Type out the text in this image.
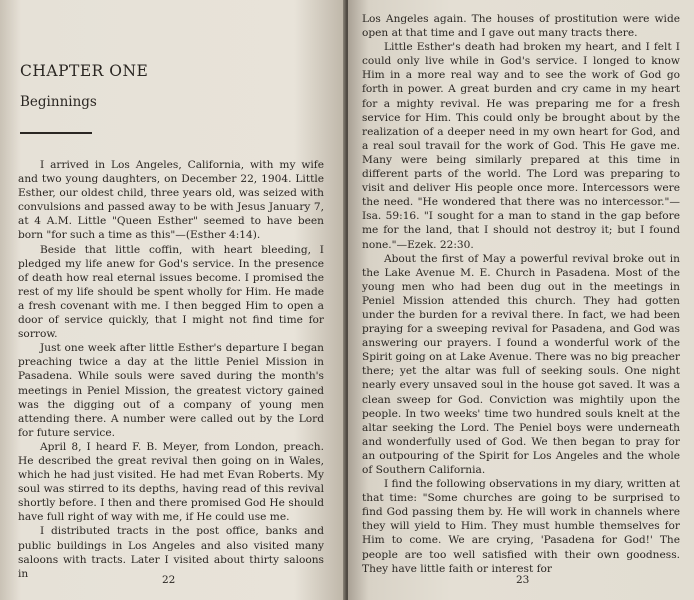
CHAPTER ONE
Beginnings

I arrived in Los Angeles, California, with my wife and two young daughters, on December 22, 1904. Little Esther, our oldest child, three years old, was seized with convulsions and passed away to be with Jesus January 7, at 4 A.M. Little "Queen Esther" seemed to have been born "for such a time as this"—(Esther 4:14).

Beside that little coffin, with heart bleeding, I pledged my life anew for God's service. In the presence of death how real eternal issues become. I promised the rest of my life should be spent wholly for Him. He made a fresh covenant with me. I then begged Him to open a door of service quickly, that I might not find time for sorrow.

Just one week after little Esther's departure I began preaching twice a day at the little Peniel Mission in Pasadena. While souls were saved during the month's meetings in Peniel Mission, the greatest victory gained was the digging out of a company of young men attending there. A number were called out by the Lord for future service.

April 8, I heard F. B. Meyer, from London, preach. He described the great revival then going on in Wales, which he had just visited. He had met Evan Roberts. My soul was stirred to its depths, having read of this revival shortly before. I then and there promised God He should have full right of way with me, if He could use me.

I distributed tracts in the post office, banks and public buildings in Los Angeles and also visited many saloons with tracts. Later I visited about thirty saloons in

22

Los Angeles again. The houses of prostitution were wide open at that time and I gave out many tracts there.

Little Esther's death had broken my heart, and I felt I could only live while in God's service. I longed to know Him in a more real way and to see the work of God go forth in power. A great burden and cry came in my heart for a mighty revival. He was preparing me for a fresh service for Him. This could only be brought about by the realization of a deeper need in my own heart for God, and a real soul travail for the work of God. This He gave me. Many were being similarly prepared at this time in different parts of the world. The Lord was preparing to visit and deliver His people once more. Intercessors were the need. "He wondered that there was no intercessor."—Isa. 59:16. "I sought for a man to stand in the gap before me for the land, that I should not destroy it; but I found none."—Ezek. 22:30.

About the first of May a powerful revival broke out in the Lake Avenue M. E. Church in Pasadena. Most of the young men who had been dug out in the meetings in Peniel Mission attended this church. They had gotten under the burden for a revival there. In fact, we had been praying for a sweeping revival for Pasadena, and God was answering our prayers. I found a wonderful work of the Spirit going on at Lake Avenue. There was no big preacher there; yet the altar was full of seeking souls. One night nearly every unsaved soul in the house got saved. It was a clean sweep for God. Conviction was mightily upon the people. In two weeks' time two hundred souls knelt at the altar seeking the Lord. The Peniel boys were underneath and wonderfully used of God. We then began to pray for an outpouring of the Spirit for Los Angeles and the whole of Southern California.

I find the following observations in my diary, written at that time: "Some churches are going to be surprised to find God passing them by. He will work in channels where they will yield to Him. They must humble themselves for Him to come. We are crying, 'Pasadena for God!' The people are too well satisfied with their own goodness. They have little faith or interest for

23
